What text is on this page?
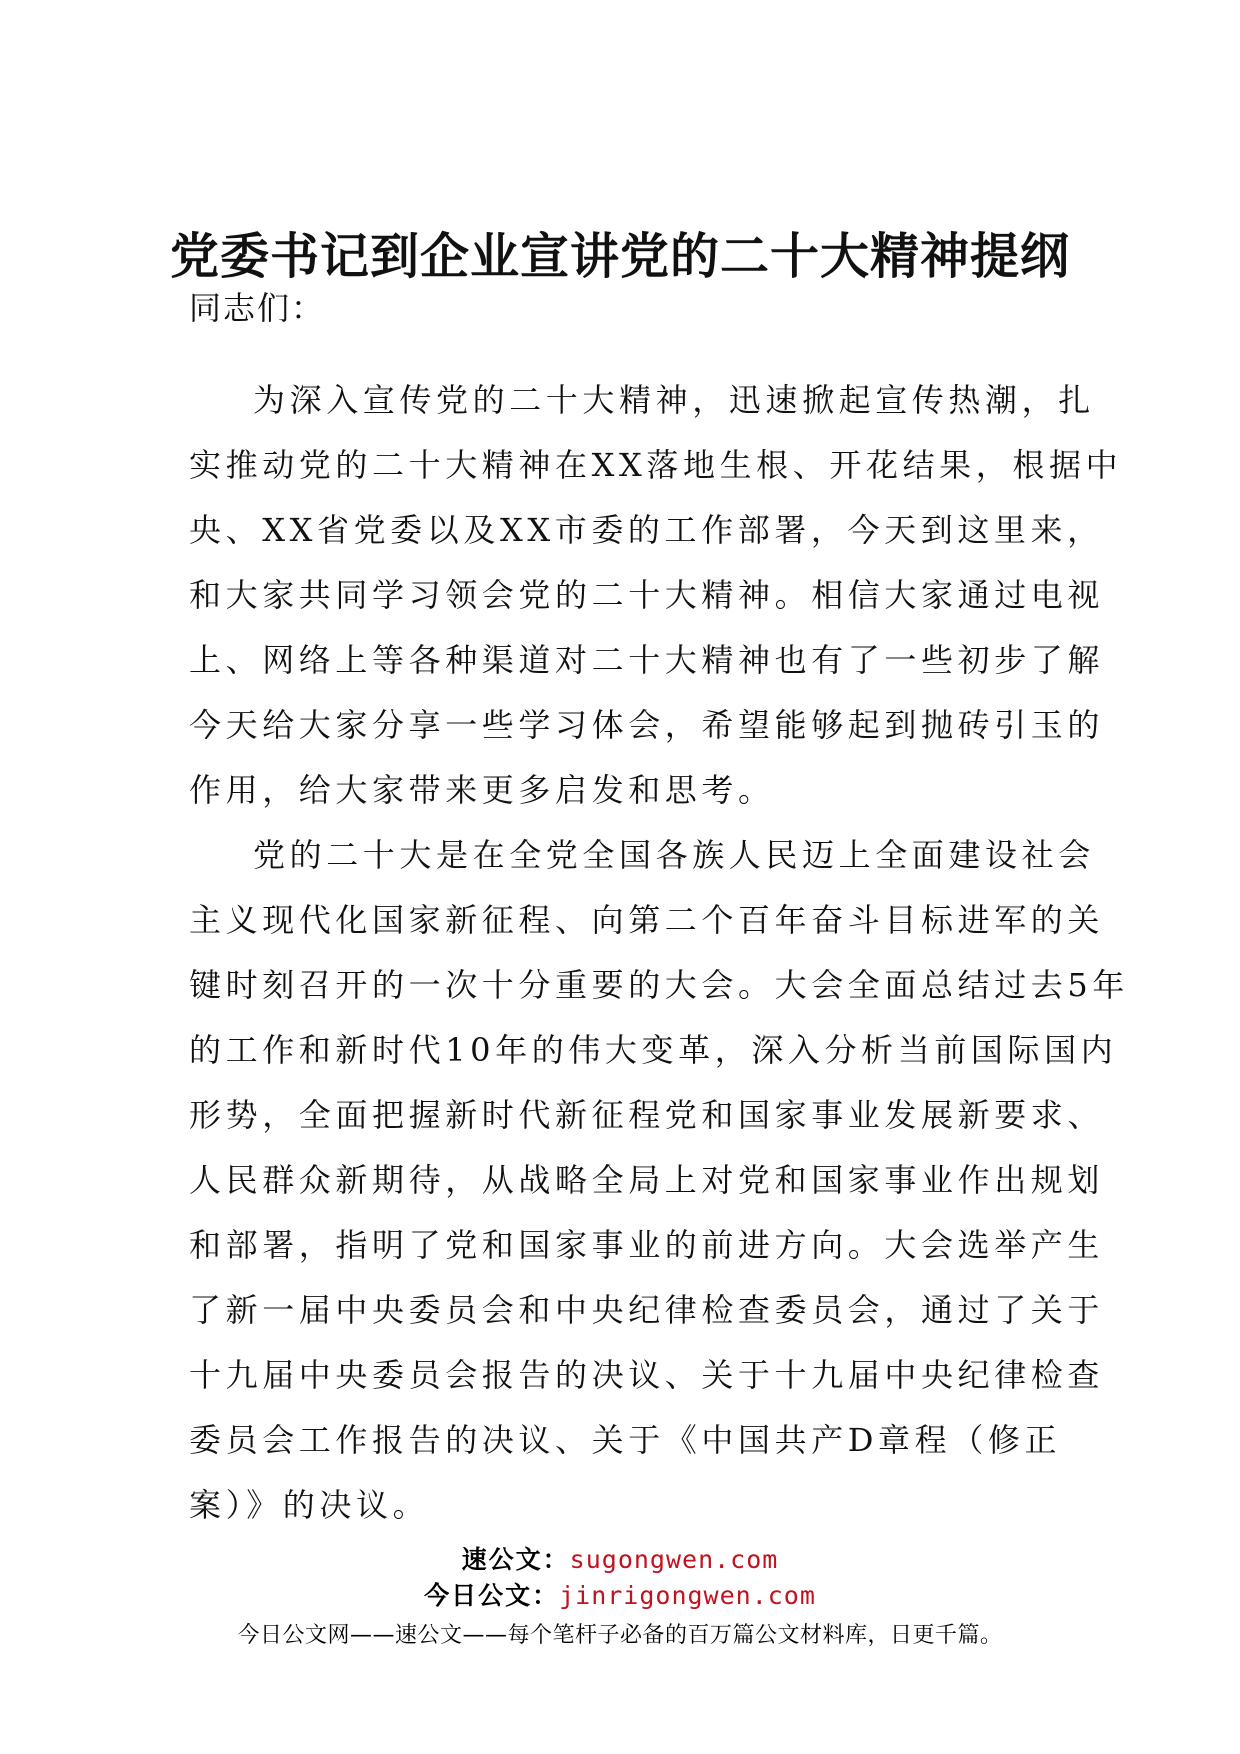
党委书记到企业宣讲党的二十大精神提纲
同志们：
为深入宣传党的二十大精神，迅速掀起宣传热潮，扎
实推动党的二十大精神在XX落地生根、开花结果，根据中
央、XX省党委以及XX市委的工作部署，今天到这里来，
和大家共同学习领会党的二十大精神。相信大家通过电视
上、网络上等各种渠道对二十大精神也有了一些初步了解
今天给大家分享一些学习体会，希望能够起到抛砖引玉的
作用，给大家带来更多启发和思考。
党的二十大是在全党全国各族人民迈上全面建设社会
主义现代化国家新征程、向第二个百年奋斗目标进军的关
键时刻召开的一次十分重要的大会。大会全面总结过去5年
的工作和新时代10年的伟大变革，深入分析当前国际国内
形势，全面把握新时代新征程党和国家事业发展新要求、
人民群众新期待，从战略全局上对党和国家事业作出规划
和部署，指明了党和国家事业的前进方向。大会选举产生
了新一届中央委员会和中央纪律检查委员会，通过了关于
十九届中央委员会报告的决议、关于十九届中央纪律检查
委员会工作报告的决议、关于《中国共产D章程（修正
案）》的决议。
速公文：sugongwen.com
今日公文：jinrigongwen.com
今日公文网——速公文——每个笔杆子必备的百万篇公文材料库，日更千篇。
